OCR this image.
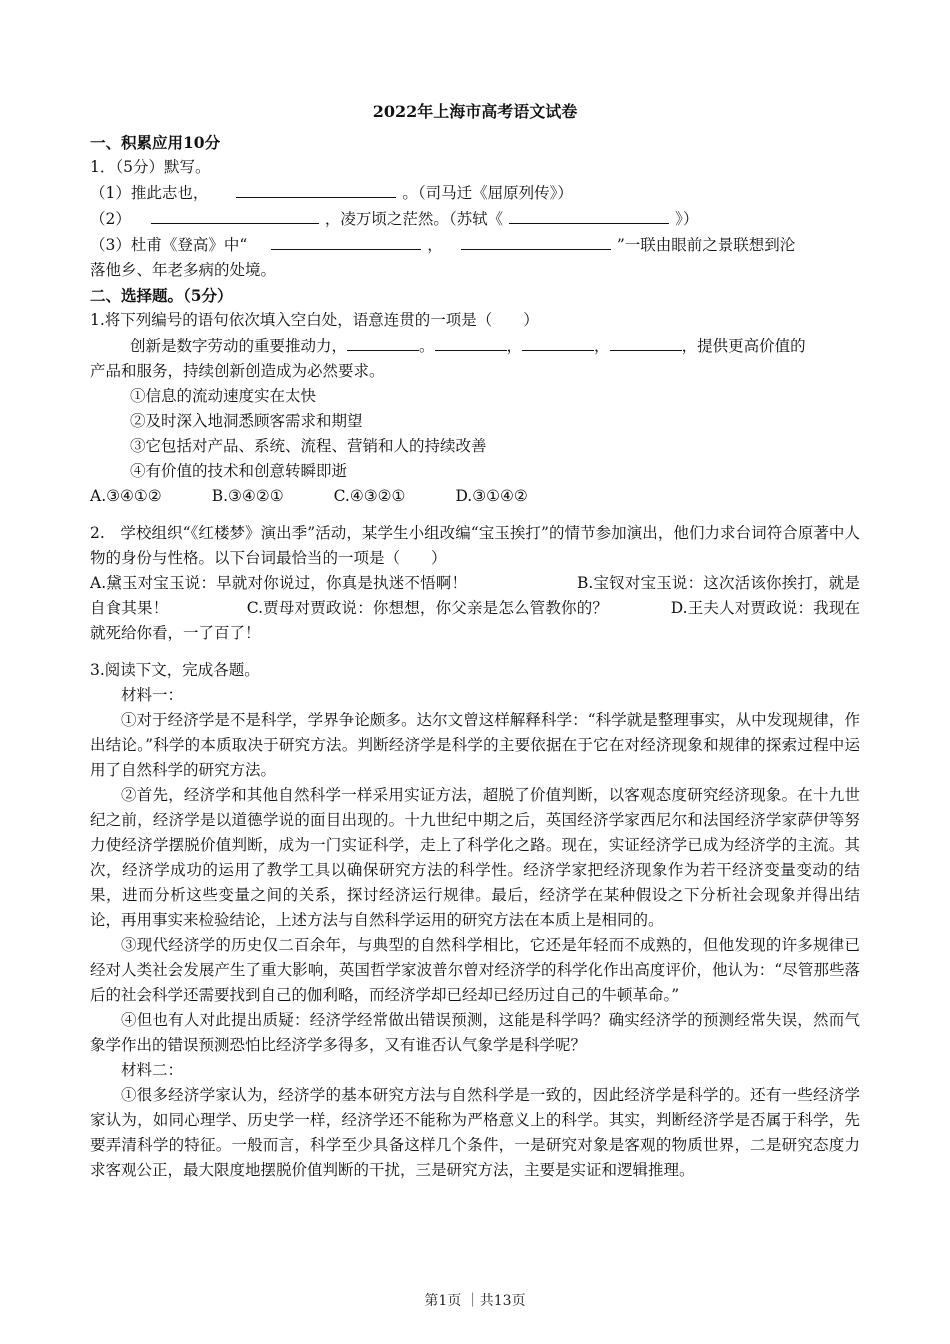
2022年上海市高考语文试卷

一、积累应用10分

1．（5分）默写。

（1）推此志也，	。（司马迁《屈原列传》）

（2）	，凌万顷之茫然。（苏轼《	》）

（3）杜甫《登高》中“	，	”一联由眼前之景联想到沦

落他乡、年老多病的处境。

二、选择题。（5分）

1.将下列编号的语句依次填入空白处，语意连贯的一项是（　　）

创新是数字劳动的重要推动力，	。	，	，	，提供更高价值的

产品和服务，持续创新创造成为必然要求。

①信息的流动速度实在太快

②及时深入地洞悉顾客需求和期望

③它包括对产品、系统、流程、营销和人的持续改善

④有价值的技术和创意转瞬即逝

A.③④①②	B.③④②①	C.④③②①	D.③①④②

2.　学校组织“《红楼梦》演出季”活动，某学生小组改编“宝玉挨打”的情节参加演出，他们力求台词符合原著中人物的身份与性格。以下台词最恰当的一项是（　　）

A.黛玉对宝玉说：早就对你说过，你真是执迷不悟啊！　　　　　　　B.宝钗对宝玉说：这次活该你挨打，就是自食其果！　　　　　C.贾母对贾政说：你想想，你父亲是怎么管教你的？　　　　D.王夫人对贾政说：我现在就死给你看，一了百了！

3.阅读下文，完成各题。

材料一：

①对于经济学是不是科学，学界争论颇多。达尔文曾这样解释科学：“科学就是整理事实，从中发现规律，作出结论。”科学的本质取决于研究方法。判断经济学是科学的主要依据在于它在对经济现象和规律的探索过程中运用了自然科学的研究方法。

②首先，经济学和其他自然科学一样采用实证方法，超脱了价值判断，以客观态度研究经济现象。在十九世纪之前，经济学是以道德学说的面目出现的。十九世纪中期之后，英国经济学家西尼尔和法国经济学家萨伊等努力使经济学摆脱价值判断，成为一门实证科学，走上了科学化之路。现在，实证经济学已成为经济学的主流。其次，经济学成功的运用了教学工具以确保研究方法的科学性。经济学家把经济现象作为若干经济变量变动的结果，进而分析这些变量之间的关系，探讨经济运行规律。最后，经济学在某种假设之下分析社会现象并得出结论，再用事实来检验结论，上述方法与自然科学运用的研究方法在本质上是相同的。

③现代经济学的历史仅二百余年，与典型的自然科学相比，它还是年轻而不成熟的，但他发现的许多规律已经对人类社会发展产生了重大影响，英国哲学家波普尔曾对经济学的科学化作出高度评价，他认为：“尽管那些落后的社会科学还需要找到自己的伽利略，而经济学却已经却已经历过自己的牛顿革命。”

④但也有人对此提出质疑：经济学经常做出错误预测，这能是科学吗？确实经济学的预测经常失误，然而气象学作出的错误预测恐怕比经济学多得多，又有谁否认气象学是科学呢？

材料二：

①很多经济学家认为，经济学的基本研究方法与自然科学是一致的，因此经济学是科学的。还有一些经济学家认为，如同心理学、历史学一样，经济学还不能称为严格意义上的科学。其实，判断经济学是否属于科学，先要弄清科学的特征。一般而言，科学至少具备这样几个条件，一是研究对象是客观的物质世界，二是研究态度力求客观公正，最大限度地摆脱价值判断的干扰，三是研究方法，主要是实证和逻辑推理。

第1页 ｜共13页
